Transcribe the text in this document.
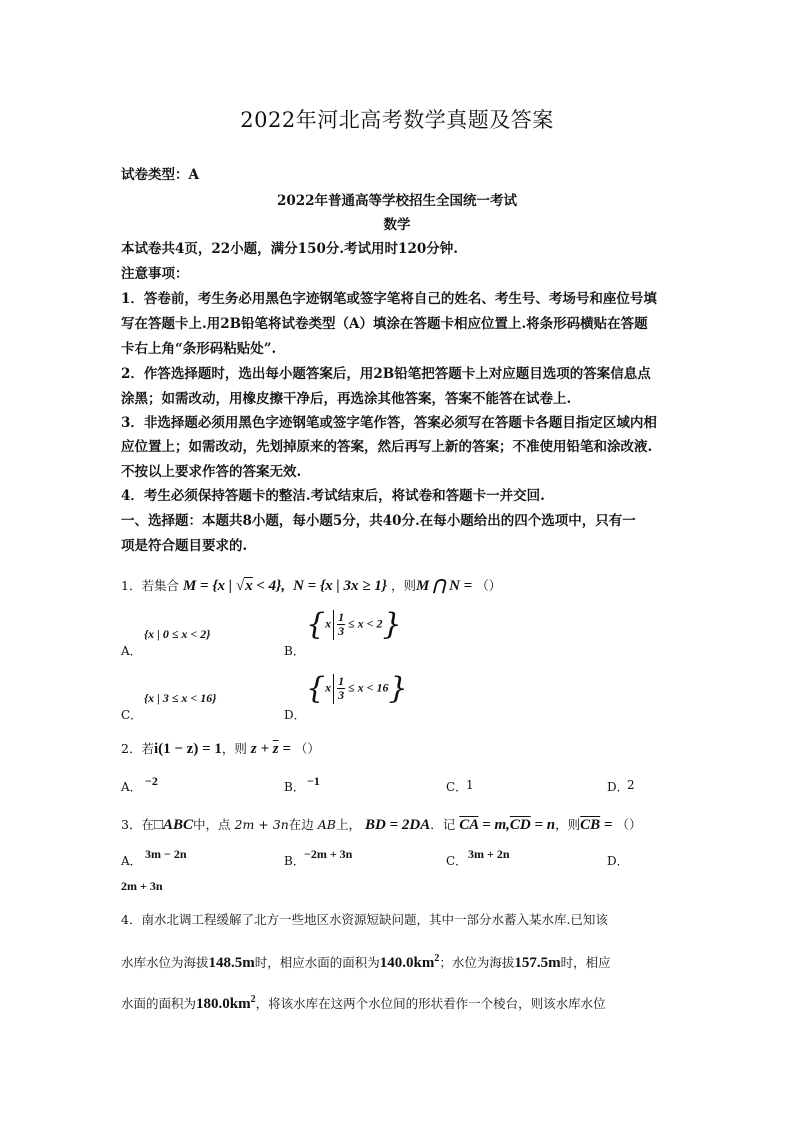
2022年河北高考数学真题及答案
试卷类型：A
2022年普通高等学校招生全国统一考试
数学
本试卷共4页，22小题，满分150分.考试用时120分钟.
注意事项：
1．答卷前，考生务必用黑色字迹钢笔或签字笔将自己的姓名、考生号、考场号和座位号填
写在答题卡上.用2B铅笔将试卷类型（A）填涂在答题卡相应位置上.将条形码横贴在答题
卡右上角“条形码粘贴处”.
2．作答选择题时，选出每小题答案后，用2B铅笔把答题卡上对应题目选项的答案信息点
涂黑；如需改动，用橡皮擦干净后，再选涂其他答案，答案不能答在试卷上.
3．非选择题必须用黑色字迹钢笔或签字笔作答，答案必须写在答题卡各题目指定区域内相
应位置上；如需改动，先划掉原来的答案，然后再写上新的答案；不准使用铅笔和涂改液.
不按以上要求作答的答案无效.
4．考生必须保持答题卡的整洁.考试结束后，将试卷和答题卡一并交回.
一、选择题：本题共8小题，每小题5分，共40分.在每小题给出的四个选项中，只有一
项是符合题目要求的.
1．若集合 M = {x | √x < 4}, N = {x | 3x ≥ 1} ，则M ⋂ N = （）
A．
{x | 0 ≤ x < 2}
B．
$\{x \frac{1}{3} \le x < 2\}$
C．
{x | 3 ≤ x < 16}
D．
$\{x \frac{1}{3} \le x < 16\}$
2．若i(1 − z) = 1，则 $z + \overline{z}$ = （）
A． −2	B． −1	C．
1	D．
2
3．在□ABC中，点 2m + 3n在边 AB上， BD = 2DA．记 $\overline{CA} = m,\overline{CD} = n$，则$\overline{CB}$ = （）
A． 3m − 2n	B． −2m + 3n	C． 3m + 2n	D．
2m + 3n
4．南水北调工程缓解了北方一些地区水资源短缺问题，其中一部分水蓄入某水库.已知该
水库水位为海拔148.5m时，相应水面的面积为$140.0km^2$；水位为海拔157.5m时，相应
水面的面积为$180.0km^2$，将该水库在这两个水位间的形状看作一个棱台，则该水库水位
